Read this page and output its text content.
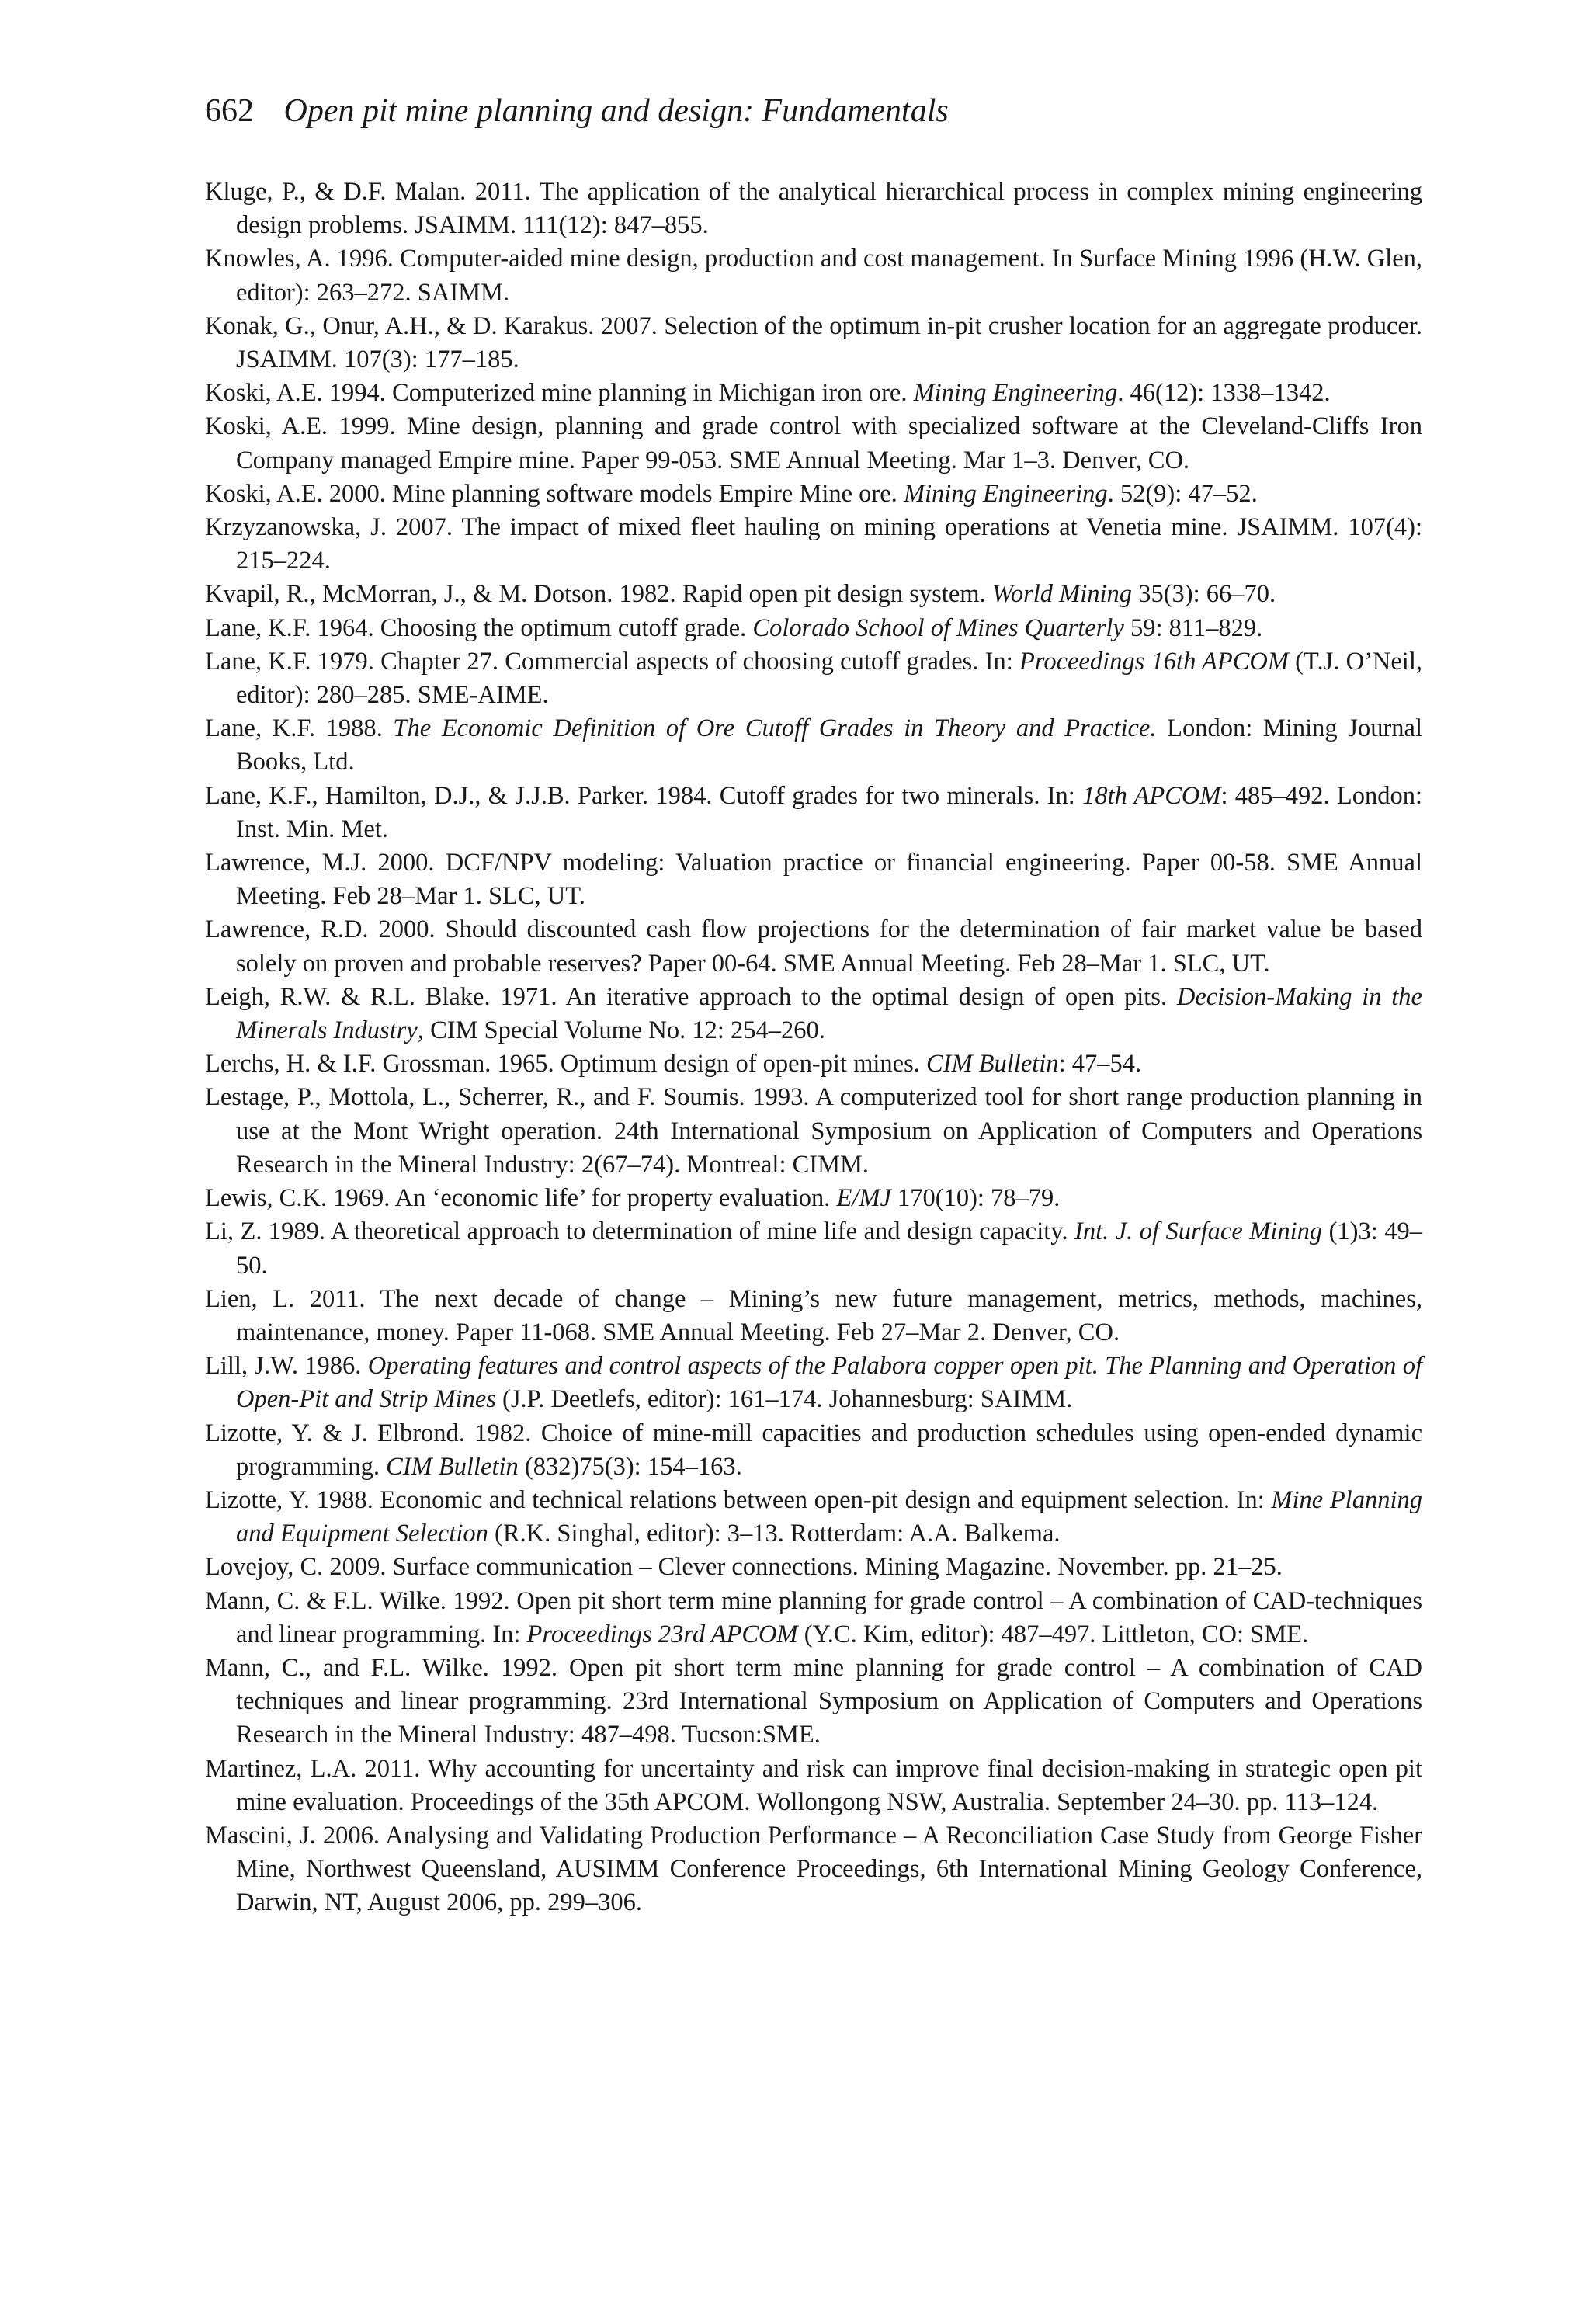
662 Open pit mine planning and design: Fundamentals

Kluge, P., & D.F. Malan. 2011. The application of the analytical hierarchical process in complex mining engineering design problems. JSAIMM. 111(12): 847–855.

Knowles, A. 1996. Computer-aided mine design, production and cost management. In Surface Mining 1996 (H.W. Glen, editor): 263–272. SAIMM.

Konak, G., Onur, A.H., & D. Karakus. 2007. Selection of the optimum in-pit crusher location for an aggregate producer. JSAIMM. 107(3): 177–185.

Koski, A.E. 1994. Computerized mine planning in Michigan iron ore. Mining Engineering. 46(12): 1338–1342.

Koski, A.E. 1999. Mine design, planning and grade control with specialized software at the Cleveland-Cliffs Iron Company managed Empire mine. Paper 99-053. SME Annual Meeting. Mar 1–3. Denver, CO.

Koski, A.E. 2000. Mine planning software models Empire Mine ore. Mining Engineering. 52(9): 47–52.

Krzyzanowska, J. 2007. The impact of mixed fleet hauling on mining operations at Venetia mine. JSAIMM. 107(4): 215–224.

Kvapil, R., McMorran, J., & M. Dotson. 1982. Rapid open pit design system. World Mining 35(3): 66–70.

Lane, K.F. 1964. Choosing the optimum cutoff grade. Colorado School of Mines Quarterly 59: 811–829.

Lane, K.F. 1979. Chapter 27. Commercial aspects of choosing cutoff grades. In: Proceedings 16th APCOM (T.J. O’Neil, editor): 280–285. SME-AIME.

Lane, K.F. 1988. The Economic Definition of Ore Cutoff Grades in Theory and Practice. London: Mining Journal Books, Ltd.

Lane, K.F., Hamilton, D.J., & J.J.B. Parker. 1984. Cutoff grades for two minerals. In: 18th APCOM: 485–492. London: Inst. Min. Met.

Lawrence, M.J. 2000. DCF/NPV modeling: Valuation practice or financial engineering. Paper 00-58. SME Annual Meeting. Feb 28–Mar 1. SLC, UT.

Lawrence, R.D. 2000. Should discounted cash flow projections for the determination of fair market value be based solely on proven and probable reserves? Paper 00-64. SME Annual Meeting. Feb 28–Mar 1. SLC, UT.

Leigh, R.W. & R.L. Blake. 1971. An iterative approach to the optimal design of open pits. Decision-Making in the Minerals Industry, CIM Special Volume No. 12: 254–260.

Lerchs, H. & I.F. Grossman. 1965. Optimum design of open-pit mines. CIM Bulletin: 47–54.

Lestage, P., Mottola, L., Scherrer, R., and F. Soumis. 1993. A computerized tool for short range production planning in use at the Mont Wright operation. 24th International Symposium on Application of Computers and Operations Research in the Mineral Industry: 2(67–74). Montreal: CIMM.

Lewis, C.K. 1969. An ‘economic life’ for property evaluation. E/MJ 170(10): 78–79.

Li, Z. 1989. A theoretical approach to determination of mine life and design capacity. Int. J. of Surface Mining (1)3: 49–50.

Lien, L. 2011. The next decade of change – Mining’s new future management, metrics, methods, machines, maintenance, money. Paper 11-068. SME Annual Meeting. Feb 27–Mar 2. Denver, CO.

Lill, J.W. 1986. Operating features and control aspects of the Palabora copper open pit. The Planning and Operation of Open-Pit and Strip Mines (J.P. Deetlefs, editor): 161–174. Johannesburg: SAIMM.

Lizotte, Y. & J. Elbrond. 1982. Choice of mine-mill capacities and production schedules using open-ended dynamic programming. CIM Bulletin (832)75(3): 154–163.

Lizotte, Y. 1988. Economic and technical relations between open-pit design and equipment selection. In: Mine Planning and Equipment Selection (R.K. Singhal, editor): 3–13. Rotterdam: A.A. Balkema.

Lovejoy, C. 2009. Surface communication – Clever connections. Mining Magazine. November. pp. 21–25.

Mann, C. & F.L. Wilke. 1992. Open pit short term mine planning for grade control – A combination of CAD-techniques and linear programming. In: Proceedings 23rd APCOM (Y.C. Kim, editor): 487–497. Littleton, CO: SME.

Mann, C., and F.L. Wilke. 1992. Open pit short term mine planning for grade control – A combination of CAD techniques and linear programming. 23rd International Symposium on Application of Computers and Operations Research in the Mineral Industry: 487–498. Tucson:SME.

Martinez, L.A. 2011. Why accounting for uncertainty and risk can improve final decision-making in strategic open pit mine evaluation. Proceedings of the 35th APCOM. Wollongong NSW, Australia. September 24–30. pp. 113–124.

Mascini, J. 2006. Analysing and Validating Production Performance – A Reconciliation Case Study from George Fisher Mine, Northwest Queensland, AUSIMM Conference Proceedings, 6th International Mining Geology Conference, Darwin, NT, August 2006, pp. 299–306.
